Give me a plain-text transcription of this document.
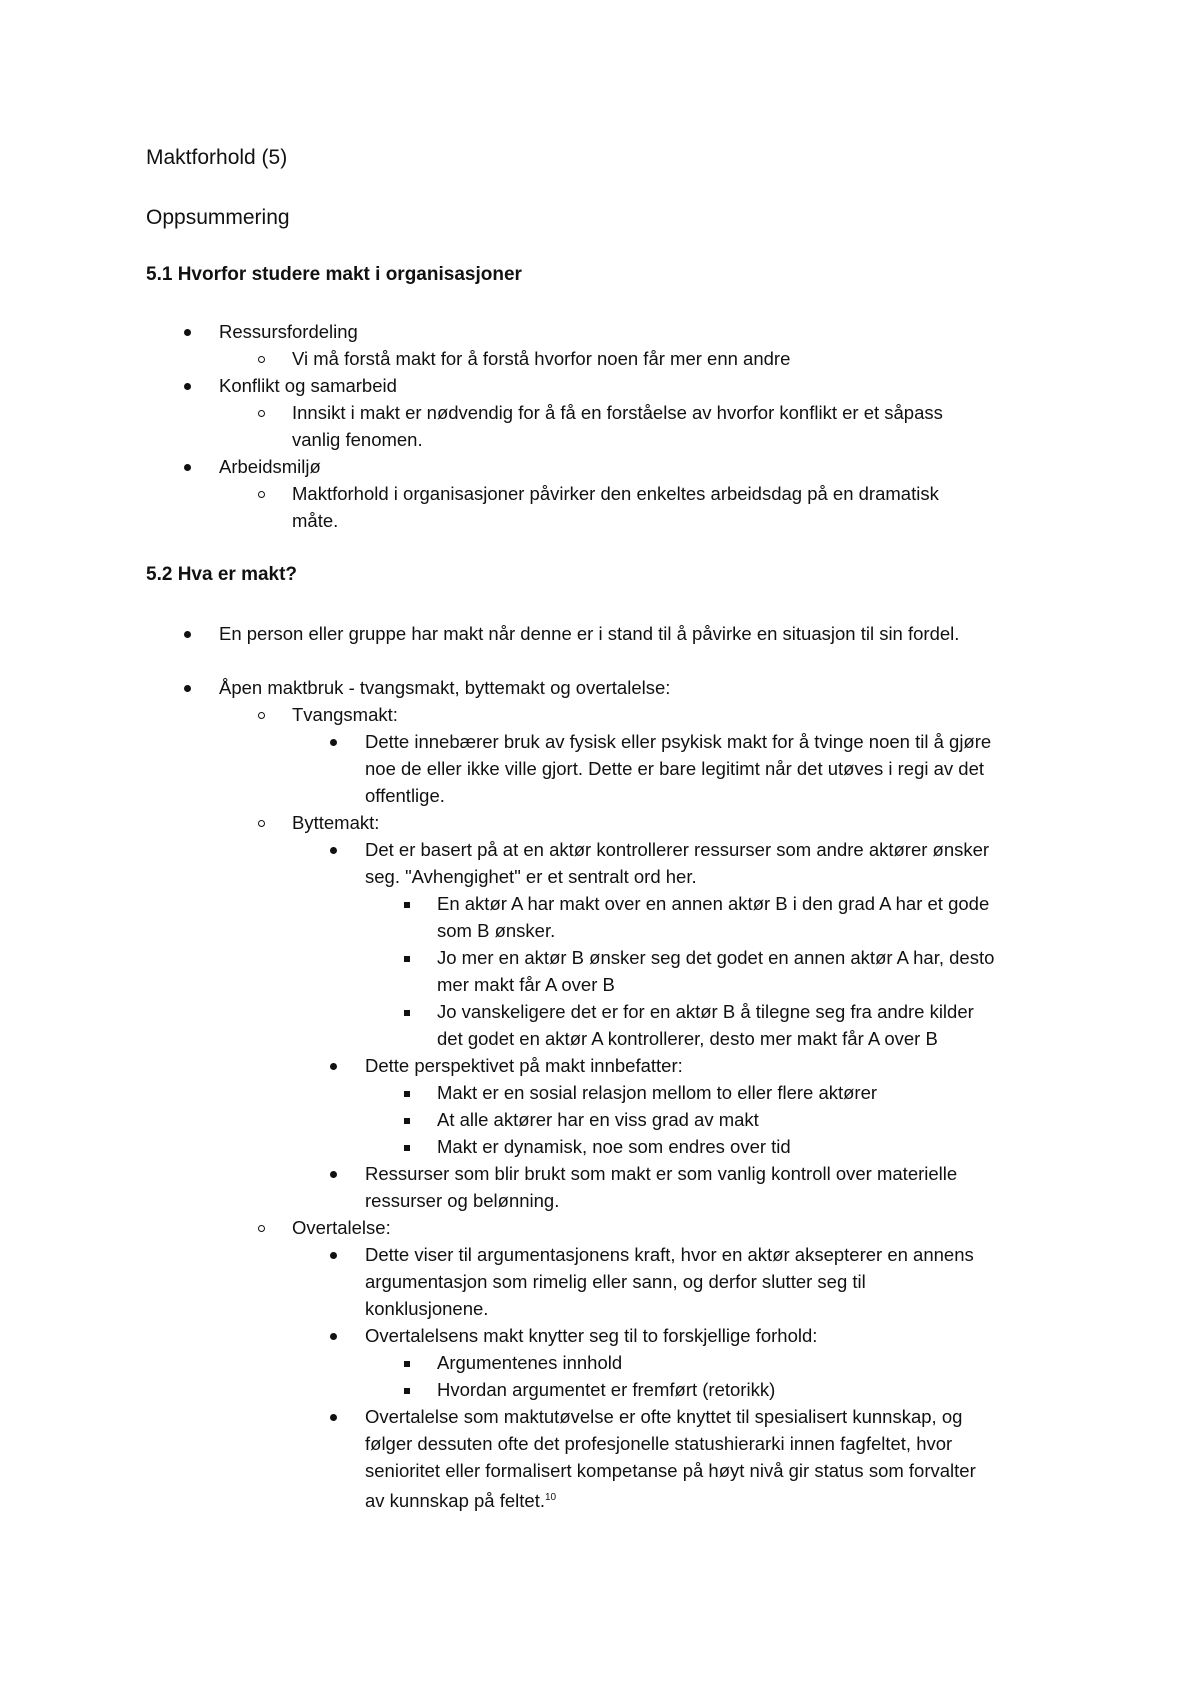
Maktforhold (5)
Oppsummering
5.1 Hvorfor studere makt i organisasjoner
Ressursfordeling
Vi må forstå makt for å forstå hvorfor noen får mer enn andre
Konflikt og samarbeid
Innsikt i makt er nødvendig for å få en forståelse av hvorfor konflikt er et såpass
vanlig fenomen.
Arbeidsmiljø
Maktforhold i organisasjoner påvirker den enkeltes arbeidsdag på en dramatisk
måte.
5.2 Hva er makt?
En person eller gruppe har makt når denne er i stand til å påvirke en situasjon til sin fordel.
Åpen maktbruk - tvangsmakt, byttemakt og overtalelse:
Tvangsmakt:
Dette innebærer bruk av fysisk eller psykisk makt for å tvinge noen til å gjøre
noe de eller ikke ville gjort. Dette er bare legitimt når det utøves i regi av det
offentlige.
Byttemakt:
Det er basert på at en aktør kontrollerer ressurser som andre aktører ønsker
seg. "Avhengighet" er et sentralt ord her.
En aktør A har makt over en annen aktør B i den grad A har et gode
som B ønsker.
Jo mer en aktør B ønsker seg det godet en annen aktør A har, desto
mer makt får A over B
Jo vanskeligere det er for en aktør B å tilegne seg fra andre kilder
det godet en aktør A kontrollerer, desto mer makt får A over B
Dette perspektivet på makt innbefatter:
Makt er en sosial relasjon mellom to eller flere aktører
At alle aktører har en viss grad av makt
Makt er dynamisk, noe som endres over tid
Ressurser som blir brukt som makt er som vanlig kontroll over materielle
ressurser og belønning.
Overtalelse:
Dette viser til argumentasjonens kraft, hvor en aktør aksepterer en annens
argumentasjon som rimelig eller sann, og derfor slutter seg til
konklusjonene.
Overtalelsens makt knytter seg til to forskjellige forhold:
Argumentenes innhold
Hvordan argumentet er fremført (retorikk)
Overtalelse som maktutøvelse er ofte knyttet til spesialisert kunnskap, og
følger dessuten ofte det profesjonelle statushierarki innen fagfeltet, hvor
senioritet eller formalisert kompetanse på høyt nivå gir status som forvalter
av kunnskap på feltet.$^{10}$
